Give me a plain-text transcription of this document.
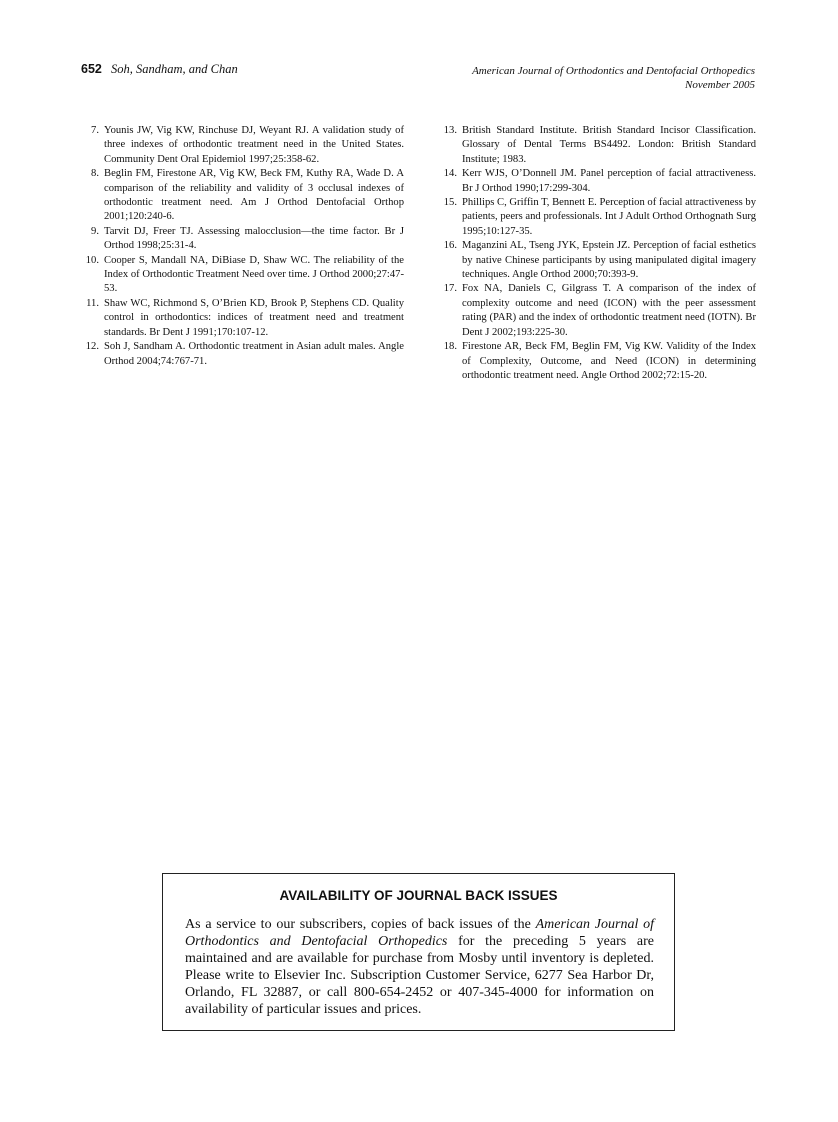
652 Soh, Sandham, and Chan	American Journal of Orthodontics and Dentofacial Orthopedics
November 2005
7. Younis JW, Vig KW, Rinchuse DJ, Weyant RJ. A validation study of three indexes of orthodontic treatment need in the United States. Community Dent Oral Epidemiol 1997;25:358-62.
8. Beglin FM, Firestone AR, Vig KW, Beck FM, Kuthy RA, Wade D. A comparison of the reliability and validity of 3 occlusal indexes of orthodontic treatment need. Am J Orthod Dentofacial Orthop 2001;120:240-6.
9. Tarvit DJ, Freer TJ. Assessing malocclusion—the time factor. Br J Orthod 1998;25:31-4.
10. Cooper S, Mandall NA, DiBiase D, Shaw WC. The reliability of the Index of Orthodontic Treatment Need over time. J Orthod 2000;27:47-53.
11. Shaw WC, Richmond S, O’Brien KD, Brook P, Stephens CD. Quality control in orthodontics: indices of treatment need and treatment standards. Br Dent J 1991;170:107-12.
12. Soh J, Sandham A. Orthodontic treatment in Asian adult males. Angle Orthod 2004;74:767-71.
13. British Standard Institute. British Standard Incisor Classification. Glossary of Dental Terms BS4492. London: British Standard Institute; 1983.
14. Kerr WJS, O’Donnell JM. Panel perception of facial attractiveness. Br J Orthod 1990;17:299-304.
15. Phillips C, Griffin T, Bennett E. Perception of facial attractiveness by patients, peers and professionals. Int J Adult Orthod Orthognath Surg 1995;10:127-35.
16. Maganzini AL, Tseng JYK, Epstein JZ. Perception of facial esthetics by native Chinese participants by using manipulated digital imagery techniques. Angle Orthod 2000;70:393-9.
17. Fox NA, Daniels C, Gilgrass T. A comparison of the index of complexity outcome and need (ICON) with the peer assessment rating (PAR) and the index of orthodontic treatment need (IOTN). Br Dent J 2002;193:225-30.
18. Firestone AR, Beck FM, Beglin FM, Vig KW. Validity of the Index of Complexity, Outcome, and Need (ICON) in determining orthodontic treatment need. Angle Orthod 2002;72:15-20.
AVAILABILITY OF JOURNAL BACK ISSUES

As a service to our subscribers, copies of back issues of the American Journal of Orthodontics and Dentofacial Orthopedics for the preceding 5 years are maintained and are available for purchase from Mosby until inventory is depleted. Please write to Elsevier Inc. Subscription Customer Service, 6277 Sea Harbor Dr, Orlando, FL 32887, or call 800-654-2452 or 407-345-4000 for information on availability of particular issues and prices.
